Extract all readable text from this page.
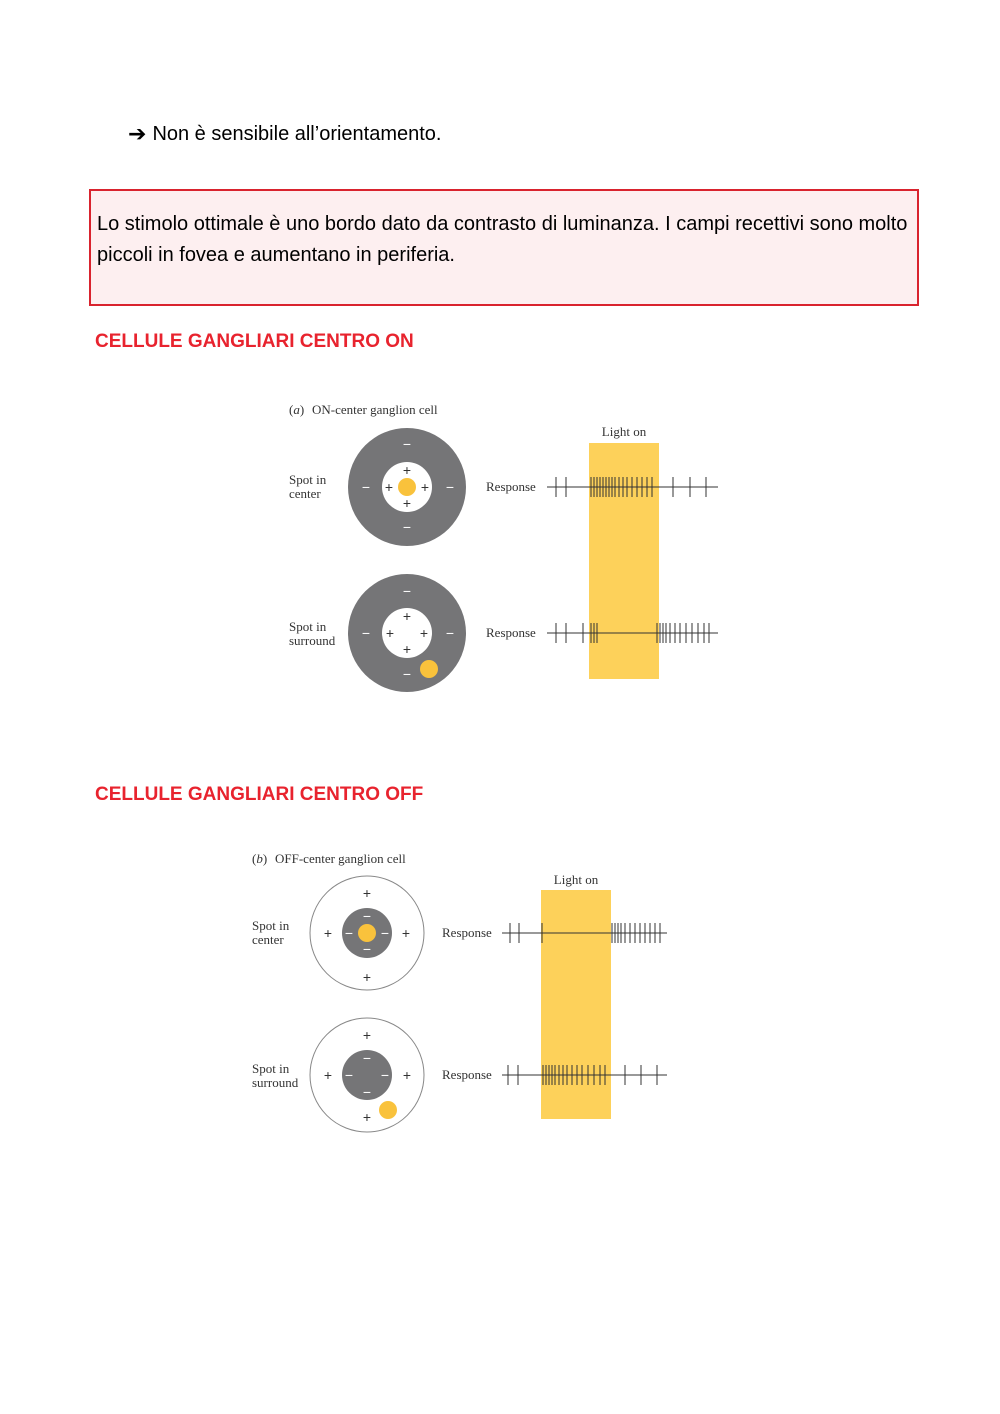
➔ Non è sensibile all’orientamento.
Lo stimolo ottimale è uno bordo dato da contrasto di luminanza. I campi recettivi sono molto piccoli in fovea e aumentano in periferia.
CELLULE GANGLIARI CENTRO ON
CELLULE GANGLIARI CENTRO OFF
(a) ON-center ganglion cell
Light on
Spot in
center
−
−
−	−
+
+
+ +	Response
Spot in
surround
−
−
−	−
+
+
+ +	Response
(b) OFF-center ganglion cell
Light on
Spot in
center
+
+
+	+
−
−
− −	Response
Spot in
surround
+
+
+	+
−
−
− −	Response
